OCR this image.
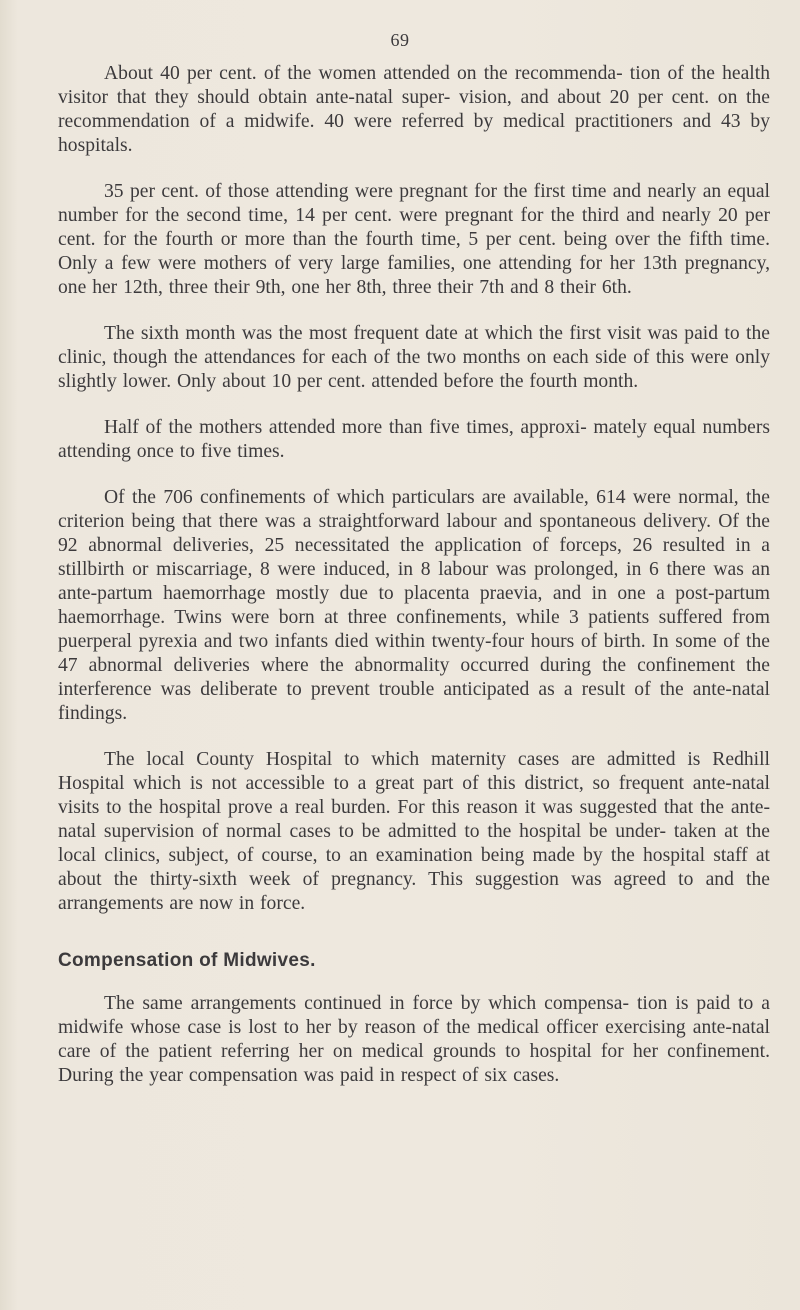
69

About 40 per cent. of the women attended on the recommenda- tion of the health visitor that they should obtain ante-natal super- vision, and about 20 per cent. on the recommendation of a midwife. 40 were referred by medical practitioners and 43 by hospitals.

35 per cent. of those attending were pregnant for the first time and nearly an equal number for the second time, 14 per cent. were pregnant for the third and nearly 20 per cent. for the fourth or more than the fourth time, 5 per cent. being over the fifth time. Only a few were mothers of very large families, one attending for her 13th pregnancy, one her 12th, three their 9th, one her 8th, three their 7th and 8 their 6th.

The sixth month was the most frequent date at which the first visit was paid to the clinic, though the attendances for each of the two months on each side of this were only slightly lower. Only about 10 per cent. attended before the fourth month.

Half of the mothers attended more than five times, approxi- mately equal numbers attending once to five times.

Of the 706 confinements of which particulars are available, 614 were normal, the criterion being that there was a straightforward labour and spontaneous delivery. Of the 92 abnormal deliveries, 25 necessitated the application of forceps, 26 resulted in a stillbirth or miscarriage, 8 were induced, in 8 labour was prolonged, in 6 there was an ante-partum haemorrhage mostly due to placenta praevia, and in one a post-partum haemorrhage. Twins were born at three confinements, while 3 patients suffered from puerperal pyrexia and two infants died within twenty-four hours of birth. In some of the 47 abnormal deliveries where the abnormality occurred during the confinement the interference was deliberate to prevent trouble anticipated as a result of the ante-natal findings.

The local County Hospital to which maternity cases are admitted is Redhill Hospital which is not accessible to a great part of this district, so frequent ante-natal visits to the hospital prove a real burden. For this reason it was suggested that the ante-natal supervision of normal cases to be admitted to the hospital be under- taken at the local clinics, subject, of course, to an examination being made by the hospital staff at about the thirty-sixth week of pregnancy. This suggestion was agreed to and the arrangements are now in force.

Compensation of Midwives.

The same arrangements continued in force by which compensa- tion is paid to a midwife whose case is lost to her by reason of the medical officer exercising ante-natal care of the patient referring her on medical grounds to hospital for her confinement. During the year compensation was paid in respect of six cases.
